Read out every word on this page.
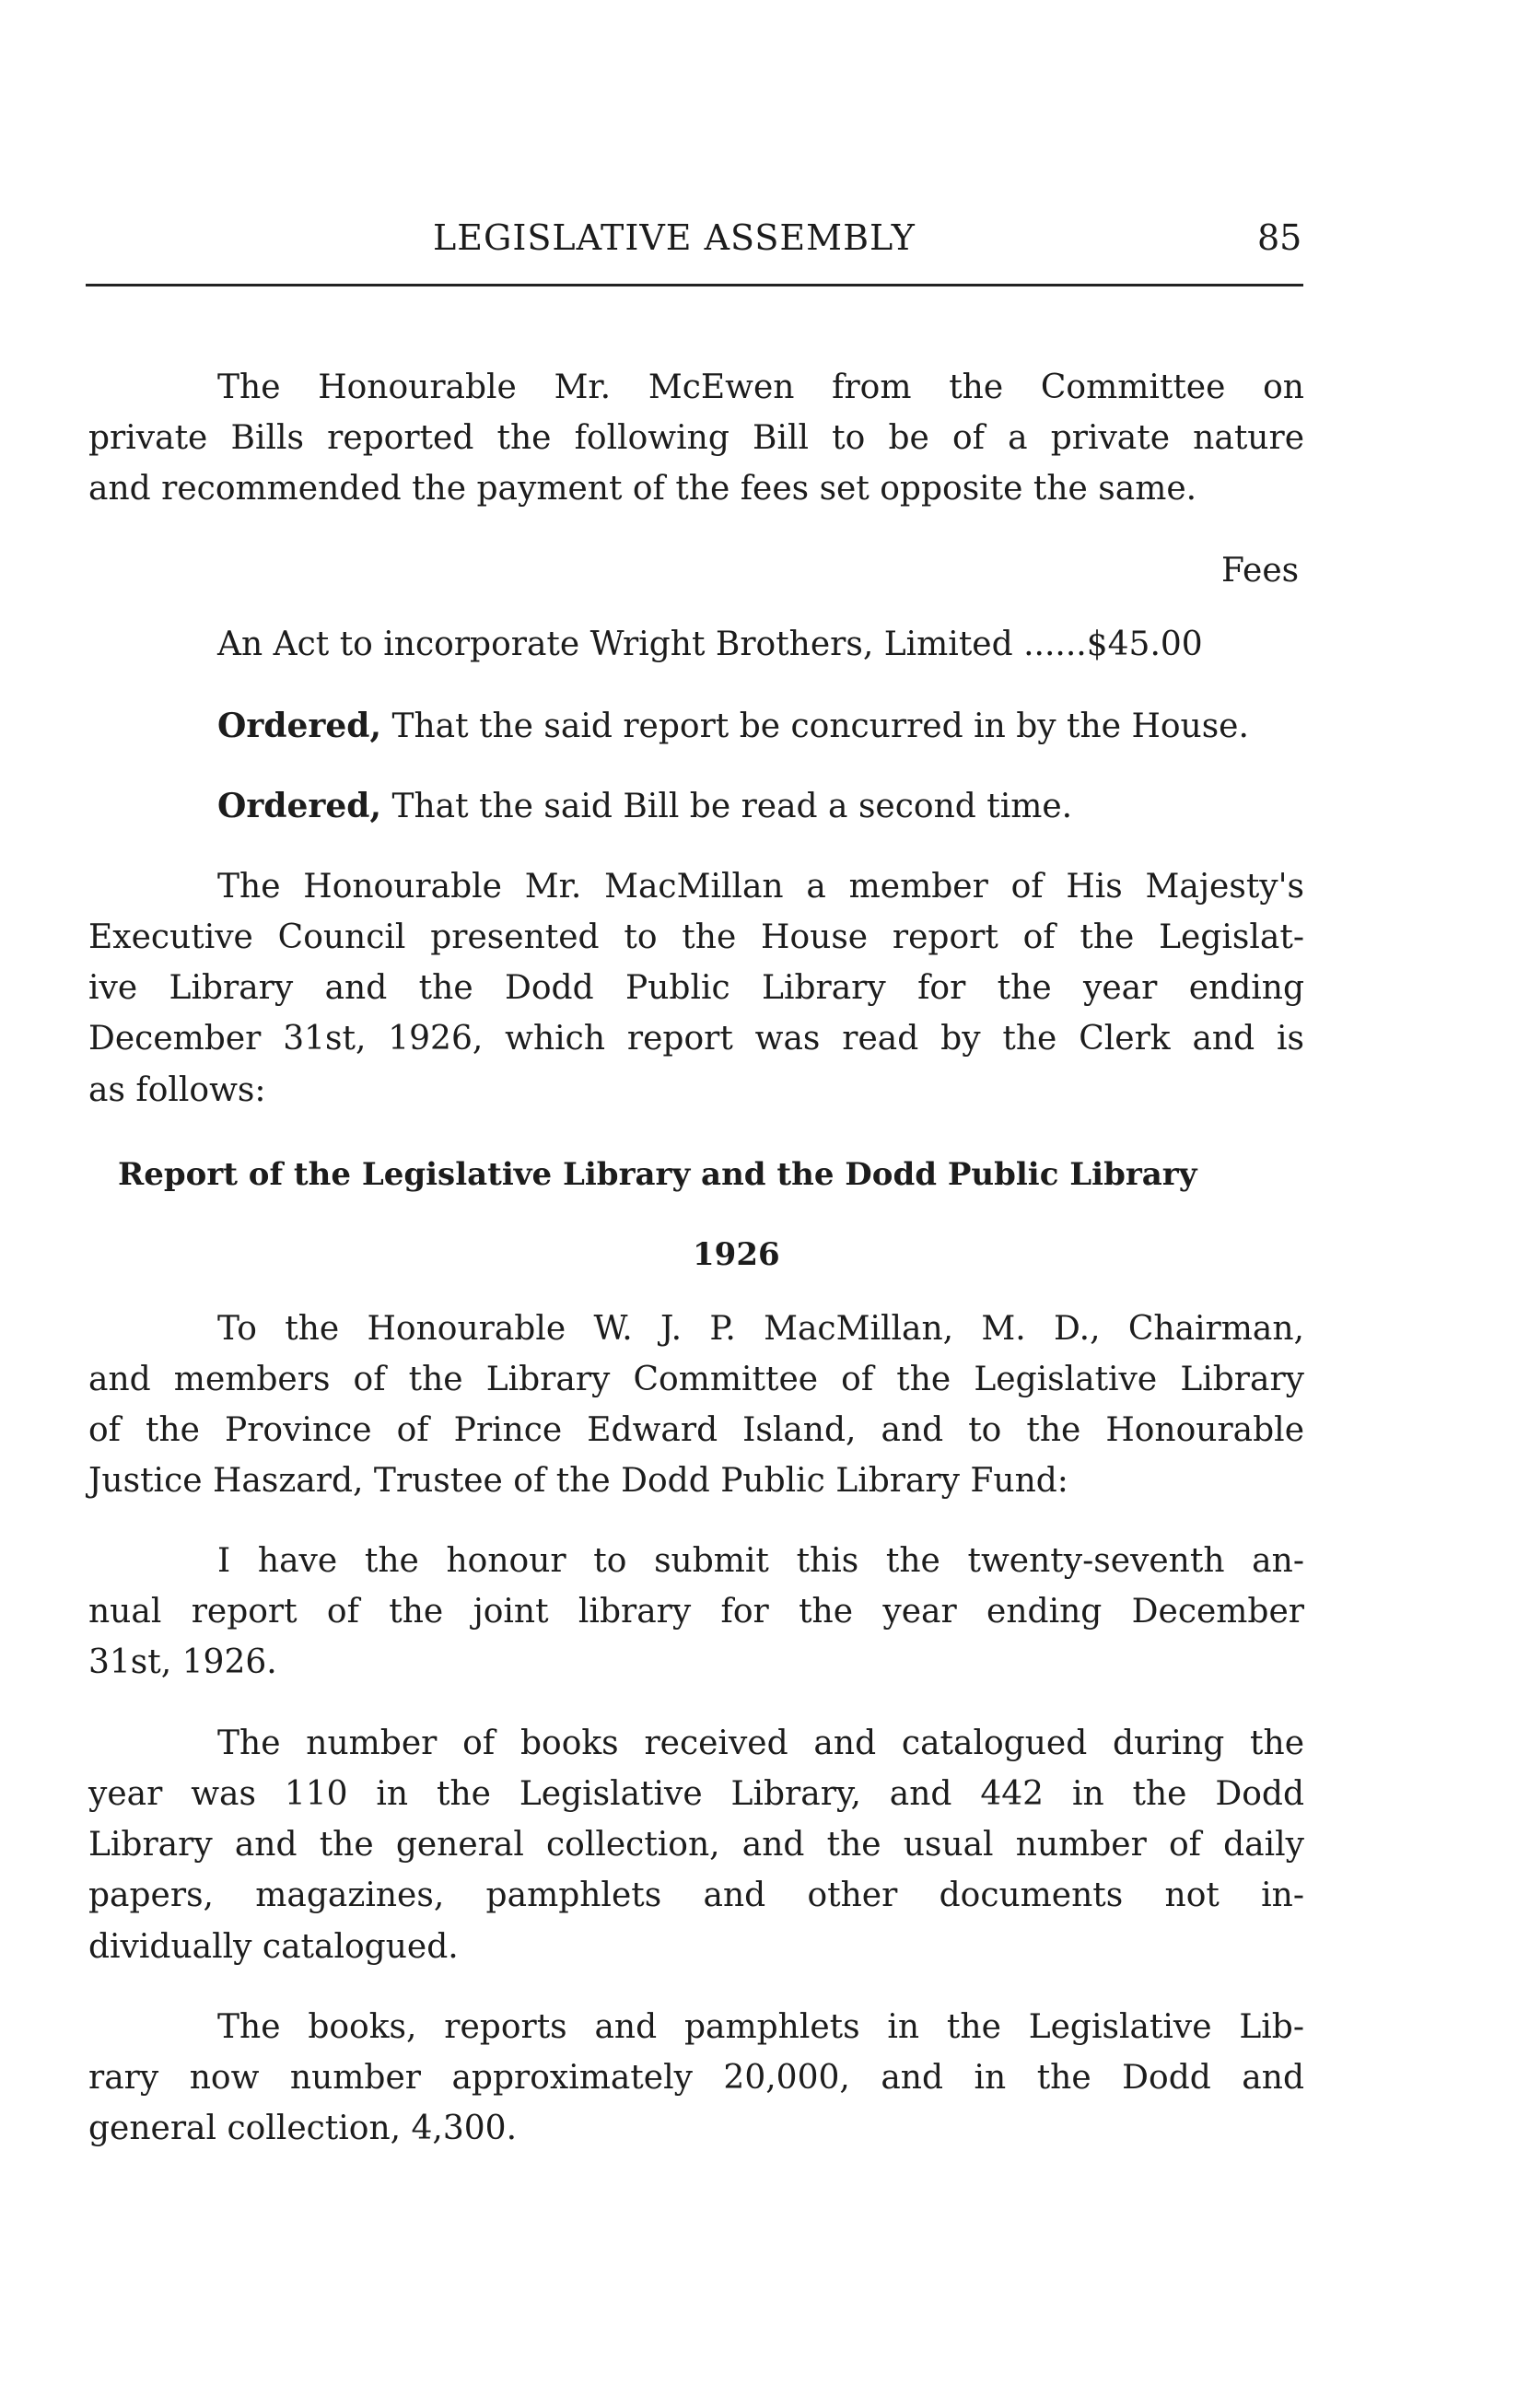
LEGISLATIVE ASSEMBLY	85
The Honourable Mr. McEwen from the Committee on
private Bills reported the following Bill to be of a private nature
and recommended the payment of the fees set opposite the same.
Fees
An Act to incorporate Wright Brothers, Limited ......$45.00
Ordered, That the said report be concurred in by the House.
Ordered, That the said Bill be read a second time.
The Honourable Mr. MacMillan a member of His Majesty's
Executive Council presented to the House report of the Legislat-
ive Library and the Dodd Public Library for the year ending
December 31st, 1926, which report was read by the Clerk and is
as follows:
Report of the Legislative Library and the Dodd Public Library
1926
To the Honourable W. J. P. MacMillan, M. D., Chairman,
and members of the Library Committee of the Legislative Library
of the Province of Prince Edward Island, and to the Honourable
Justice Haszard, Trustee of the Dodd Public Library Fund:
I have the honour to submit this the twenty-seventh an-
nual report of the joint library for the year ending December
31st, 1926.
The number of books received and catalogued during the
year was 110 in the Legislative Library, and 442 in the Dodd
Library and the general collection, and the usual number of daily
papers, magazines, pamphlets and other documents not in-
dividually catalogued.
The books, reports and pamphlets in the Legislative Lib-
rary now number approximately 20,000, and in the Dodd and
general collection, 4,300.
